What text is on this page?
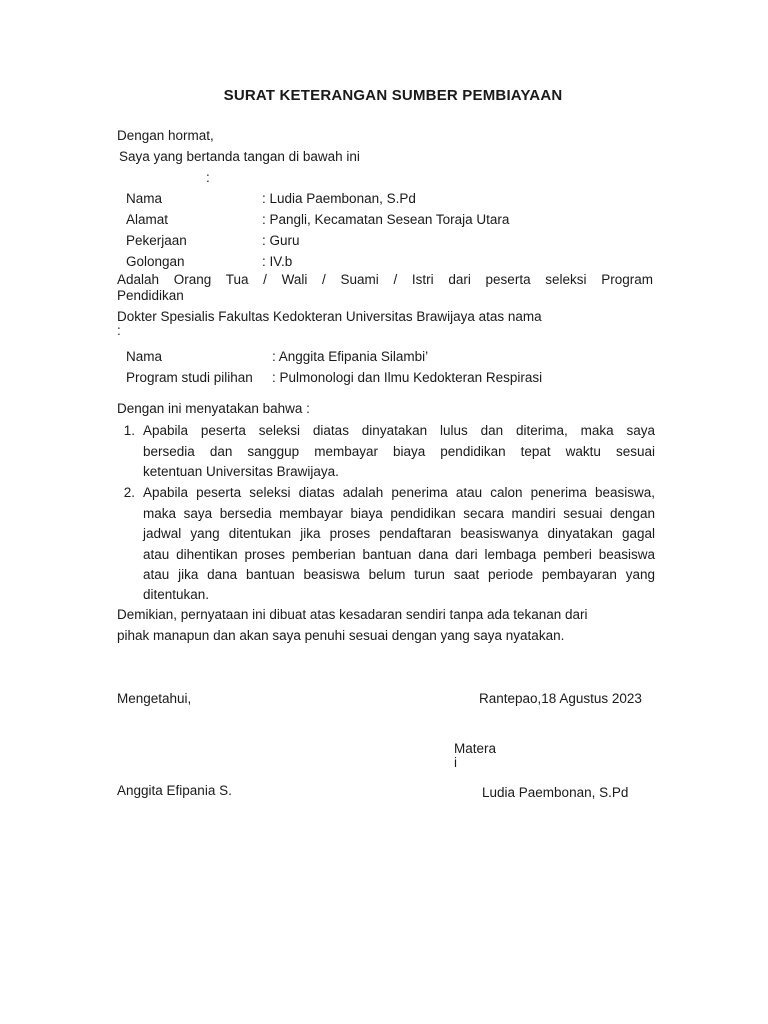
SURAT KETERANGAN SUMBER PEMBIAYAAN
Dengan hormat,
Saya yang bertanda tangan di bawah ini
:
Nama	: Ludia Paembonan, S.Pd
Alamat	: Pangli, Kecamatan Sesean Toraja Utara
Pekerjaan	: Guru
Golongan	: IV.b
Adalah Orang Tua / Wali / Suami / Istri dari peserta seleksi Program
Pendidikan
Dokter Spesialis Fakultas Kedokteran Universitas Brawijaya atas nama
:
Nama	: Anggita Efipania Silambi’
Program studi pilihan : Pulmonologi dan Ilmu Kedokteran Respirasi
Dengan ini menyatakan bahwa :
1. Apabila peserta seleksi diatas dinyatakan lulus dan diterima, maka saya
bersedia dan sanggup membayar biaya pendidikan tepat waktu sesuai
ketentuan Universitas Brawijaya.
2. Apabila peserta seleksi diatas adalah penerima atau calon penerima beasiswa,
maka saya bersedia membayar biaya pendidikan secara mandiri sesuai dengan
jadwal yang ditentukan jika proses pendaftaran beasiswanya dinyatakan gagal
atau dihentikan proses pemberian bantuan dana dari lembaga pemberi beasiswa
atau jika dana bantuan beasiswa belum turun saat periode pembayaran yang
ditentukan.
Demikian, pernyataan ini dibuat atas kesadaran sendiri tanpa ada tekanan dari
pihak manapun dan akan saya penuhi sesuai dengan yang saya nyatakan.
Mengetahui,	Rantepao,18 Agustus 2023
Matera
i
Anggita Efipania S.	Ludia Paembonan, S.Pd
